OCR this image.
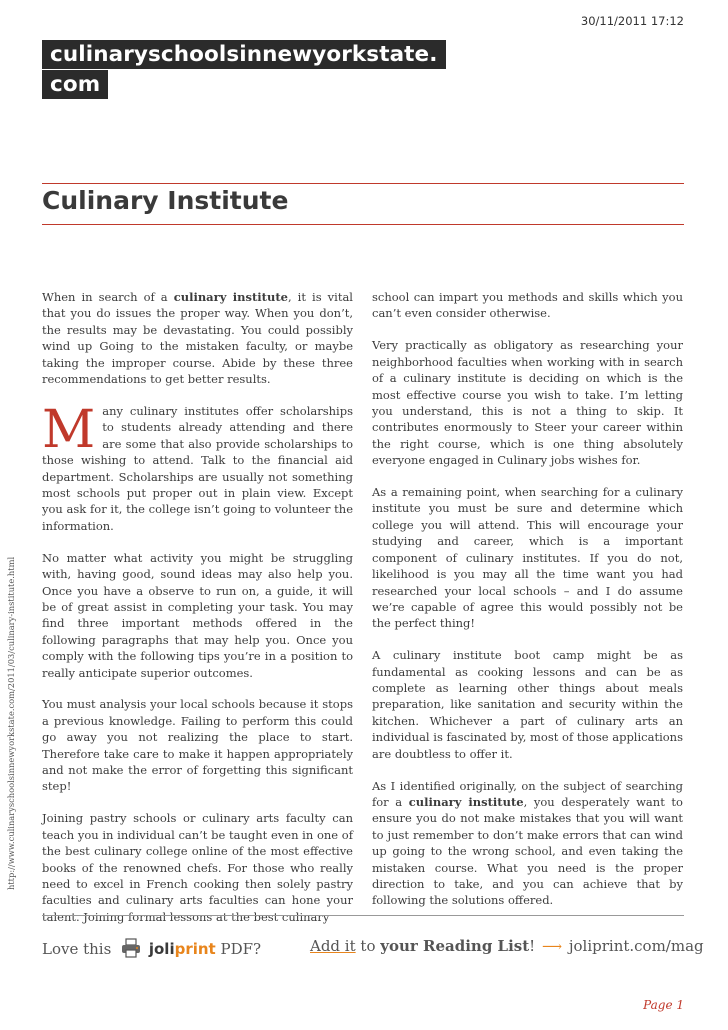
culinaryschoolsinnewyorkstate.
com
30/11/2011 17:12
Culinary Institute

When in search of a culinary institute, it is vital that you do issues the proper way. When you don’t, the results may be devastating. You could possibly wind up Going to the mistaken faculty, or maybe taking the improper course. Abide by these three recommendations to get better results.

Many culinary institutes offer scholarships to students already attending and there are some that also provide scholarships to those wishing to attend. Talk to the financial aid department. Scholarships are usually not something most schools put proper out in plain view. Except you ask for it, the college isn’t going to volunteer the information.

No matter what activity you might be struggling with, having good, sound ideas may also help you. Once you have a observe to run on, a guide, it will be of great assist in completing your task. You may find three important methods offered in the following paragraphs that may help you. Once you comply with the following tips you’re in a position to really anticipate superior outcomes.

You must analysis your local schools because it stops a previous knowledge. Failing to perform this could go away you not realizing the place to start. Therefore take care to make it happen appropriately and not make the error of forgetting this significant step!

Joining pastry schools or culinary arts faculty can teach you in individual can’t be taught even in one of the best culinary college online of the most effective books of the renowned chefs. For those who really need to excel in French cooking then solely pastry faculties and culinary arts faculties can hone your talent. Joining formal lessons at the best culinary

school can impart you methods and skills which you can’t even consider otherwise.

Very practically as obligatory as researching your neighborhood faculties when working with in search of a culinary institute is deciding on which is the most effective course you wish to take. I’m letting you understand, this is not a thing to skip. It contributes enormously to Steer your career within the right course, which is one thing absolutely everyone engaged in Culinary jobs wishes for.

As a remaining point, when searching for a culinary institute you must be sure and determine which college you will attend. This will encourage your studying and career, which is a important component of culinary institutes. If you do not, likelihood is you may all the time want you had researched your local schools – and I do assume we’re capable of agree this would possibly not be the perfect thing!

A culinary institute boot camp might be as fundamental as cooking lessons and can be as complete as learning other things about meals preparation, like sanitation and security within the kitchen. Whichever a part of culinary arts an individual is fascinated by, most of those applications are doubtless to offer it.

As I identified originally, on the subject of searching for a culinary institute, you desperately want to ensure you do not make mistakes that you will want to just remember to don’t make errors that can wind up going to the wrong school, and even taking the mistaken course. What you need is the proper direction to take, and you can achieve that by following the solutions offered.

http://www.culinaryschoolsinnewyorkstate.com/2011/03/culinary-institute.html
Love this	joliprint PDF?	Add it to your Reading List! ⟶ joliprint.com/mag
Page 1
